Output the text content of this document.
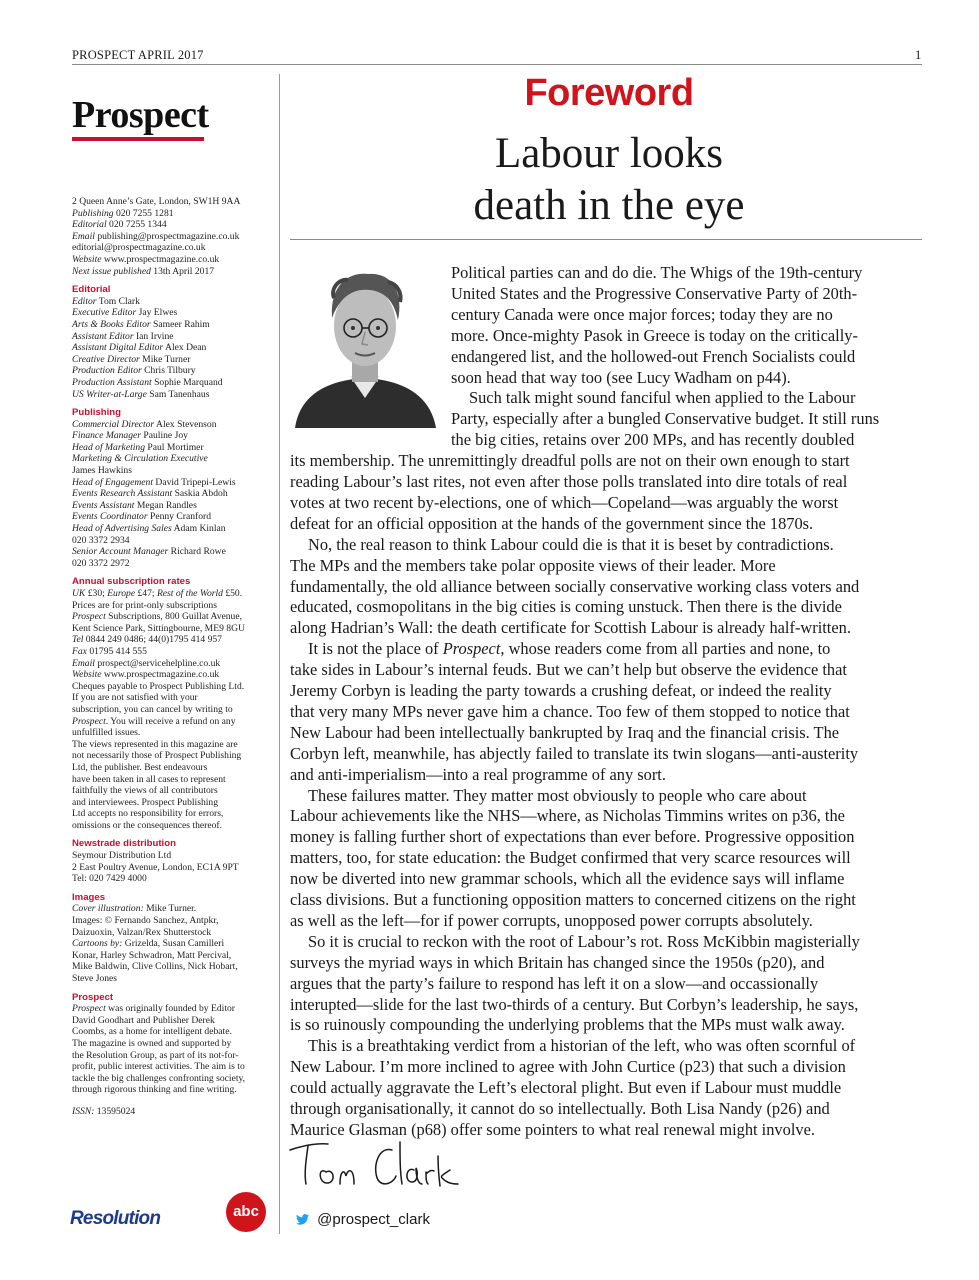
PROSPECT APRIL 2017	1
Prospect
2 Queen Anne’s Gate, London, SW1H 9AA
Publishing 020 7255 1281
Editorial 020 7255 1344
Email publishing@prospectmagazine.co.uk
editorial@prospectmagazine.co.uk
Website www.prospectmagazine.co.uk
Next issue published 13th April 2017
Editorial
Editor Tom Clark
Executive Editor Jay Elwes
Arts & Books Editor Sameer Rahim
Assistant Editor Ian Irvine
Assistant Digital Editor Alex Dean
Creative Director Mike Turner
Production Editor Chris Tilbury
Production Assistant Sophie Marquand
US Writer-at-Large Sam Tanenhaus
Publishing
Commercial Director Alex Stevenson
Finance Manager Pauline Joy
Head of Marketing Paul Mortimer
Marketing & Circulation Executive
James Hawkins
Head of Engagement David Tripepi-Lewis
Events Research Assistant Saskia Abdoh
Events Assistant Megan Randles
Events Coordinator Penny Cranford
Head of Advertising Sales Adam Kinlan
020 3372 2934
Senior Account Manager Richard Rowe
020 3372 2972
Annual subscription rates
UK £30; Europe £47; Rest of the World £50.
Prices are for print-only subscriptions
Prospect Subscriptions, 800 Guillat Avenue,
Kent Science Park, Sittingbourne, ME9 8GU
Tel 0844 249 0486; 44(0)1795 414 957
Fax 01795 414 555
Email prospect@servicehelpline.co.uk
Website www.prospectmagazine.co.uk
Cheques payable to Prospect Publishing Ltd.
If you are not satisfied with your
subscription, you can cancel by writing to
Prospect. You will receive a refund on any
unfulfilled issues.
The views represented in this magazine are
not necessarily those of Prospect Publishing
Ltd, the publisher. Best endeavours
have been taken in all cases to represent
faithfully the views of all contributors
and interviewees. Prospect Publishing
Ltd accepts no responsibility for errors,
omissions or the consequences thereof.
Newstrade distribution
Seymour Distribution Ltd
2 East Poultry Avenue, London, EC1A 9PT
Tel: 020 7429 4000
Images
Cover illustration: Mike Turner.
Images: © Fernando Sanchez, Antpkr,
Daizuoxin, Valzan/Rex Shutterstock
Cartoons by: Grizelda, Susan Camilleri
Konar, Harley Schwadron, Matt Percival,
Mike Baldwin, Clive Collins, Nick Hobart,
Steve Jones
Prospect
Prospect was originally founded by Editor
David Goodhart and Publisher Derek
Coombs, as a home for intelligent debate.
The magazine is owned and supported by
the Resolution Group, as part of its not-for-
profit, public interest activities. The aim is to
tackle the big challenges confronting society,
through rigorous thinking and fine writing.
ISSN: 13595024
Foreword
Labour looks
death in the eye
Political parties can and do die. The Whigs of the 19th-century
United States and the Progressive Conservative Party of 20th-
century Canada were once major forces; today they are no
more. Once-mighty Pasok in Greece is today on the critically-
endangered list, and the hollowed-out French Socialists could
soon head that way too (see Lucy Wadham on p44).
Such talk might sound fanciful when applied to the Labour
Party, especially after a bungled Conservative budget. It still runs
the big cities, retains over 200 MPs, and has recently doubled
its membership. The unremittingly dreadful polls are not on their own enough to start
reading Labour’s last rites, not even after those polls translated into dire totals of real
votes at two recent by-elections, one of which—Copeland—was arguably the worst
defeat for an official opposition at the hands of the government since the 1870s.
No, the real reason to think Labour could die is that it is beset by contradictions.
The MPs and the members take polar opposite views of their leader. More
fundamentally, the old alliance between socially conservative working class voters and
educated, cosmopolitans in the big cities is coming unstuck. Then there is the divide
along Hadrian’s Wall: the death certificate for Scottish Labour is already half-written.
It is not the place of Prospect, whose readers come from all parties and none, to
take sides in Labour’s internal feuds. But we can’t help but observe the evidence that
Jeremy Corbyn is leading the party towards a crushing defeat, or indeed the reality
that very many MPs never gave him a chance. Too few of them stopped to notice that
New Labour had been intellectually bankrupted by Iraq and the financial crisis. The
Corbyn left, meanwhile, has abjectly failed to translate its twin slogans—anti-austerity
and anti-imperialism—into a real programme of any sort.
These failures matter. They matter most obviously to people who care about
Labour achievements like the NHS—where, as Nicholas Timmins writes on p36, the
money is falling further short of expectations than ever before. Progressive opposition
matters, too, for state education: the Budget confirmed that very scarce resources will
now be diverted into new grammar schools, which all the evidence says will inflame
class divisions. But a functioning opposition matters to concerned citizens on the right
as well as the left—for if power corrupts, unopposed power corrupts absolutely.
So it is crucial to reckon with the root of Labour’s rot. Ross McKibbin magisterially
surveys the myriad ways in which Britain has changed since the 1950s (p20), and
argues that the party’s failure to respond has left it on a slow—and occassionally
interupted—slide for the last two-thirds of a century. But Corbyn’s leadership, he says,
is so ruinously compounding the underlying problems that the MPs must walk away.
This is a breathtaking verdict from a historian of the left, who was often scornful of
New Labour. I’m more inclined to agree with John Curtice (p23) that such a division
could actually aggravate the Left’s electoral plight. But even if Labour must muddle
through organisationally, it cannot do so intellectually. Both Lisa Nandy (p26) and
Maurice Glasman (p68) offer some pointers to what real renewal might involve.
@prospect_clark
Resolution	abc
